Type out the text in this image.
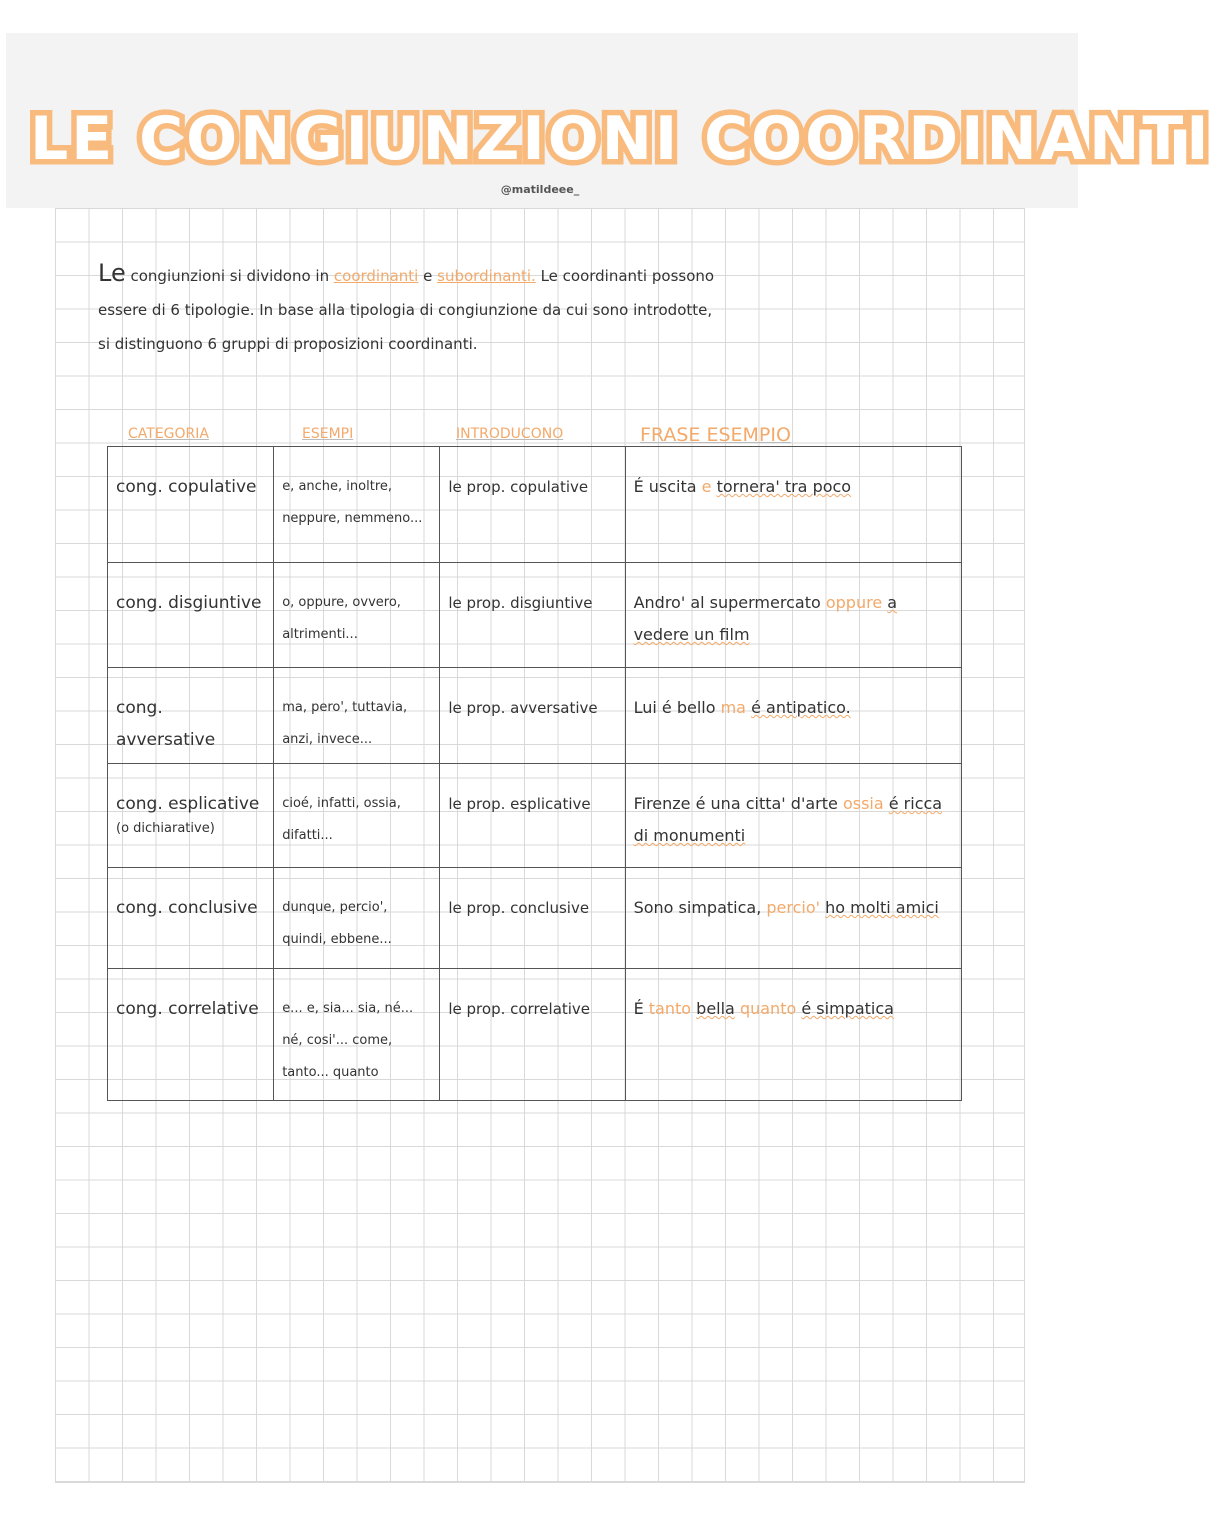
LE CONGIUNZIONI COORDINANTI
@matildeee_
Le congiunzioni si dividono in coordinanti e subordinanti. Le coordinanti possono
essere di 6 tipologie. In base alla tipologia di congiunzione da cui sono introdotte,
si distinguono 6 gruppi di proposizioni coordinanti.
CATEGORIA	ESEMPI	INTRODUCONO	FRASE ESEMPIO
cong. copulative	e, anche, inoltre, neppure, nemmeno...	le prop. copulative	É uscita e tornera' tra poco

cong. disgiuntive	o, oppure, ovvero, altrimenti...	le prop. disgiuntive	Andro' al supermercato oppure a vedere un film

cong. avversative	ma, pero', tuttavia, anzi, invece...	le prop. avversative	Lui é bello ma é antipatico.

cong. esplicative
(o dichiarative)	cioé, infatti, ossia, difatti...	le prop. esplicative	Firenze é una citta' d'arte ossia é ricca di monumenti

cong. conclusive	dunque, percio', quindi, ebbene...	le prop. conclusive	Sono simpatica, percio' ho molti amici

cong. correlative	e... e, sia... sia, né... né, cosi'... come, tanto... quanto	le prop. correlative	É tanto bella quanto é simpatica
